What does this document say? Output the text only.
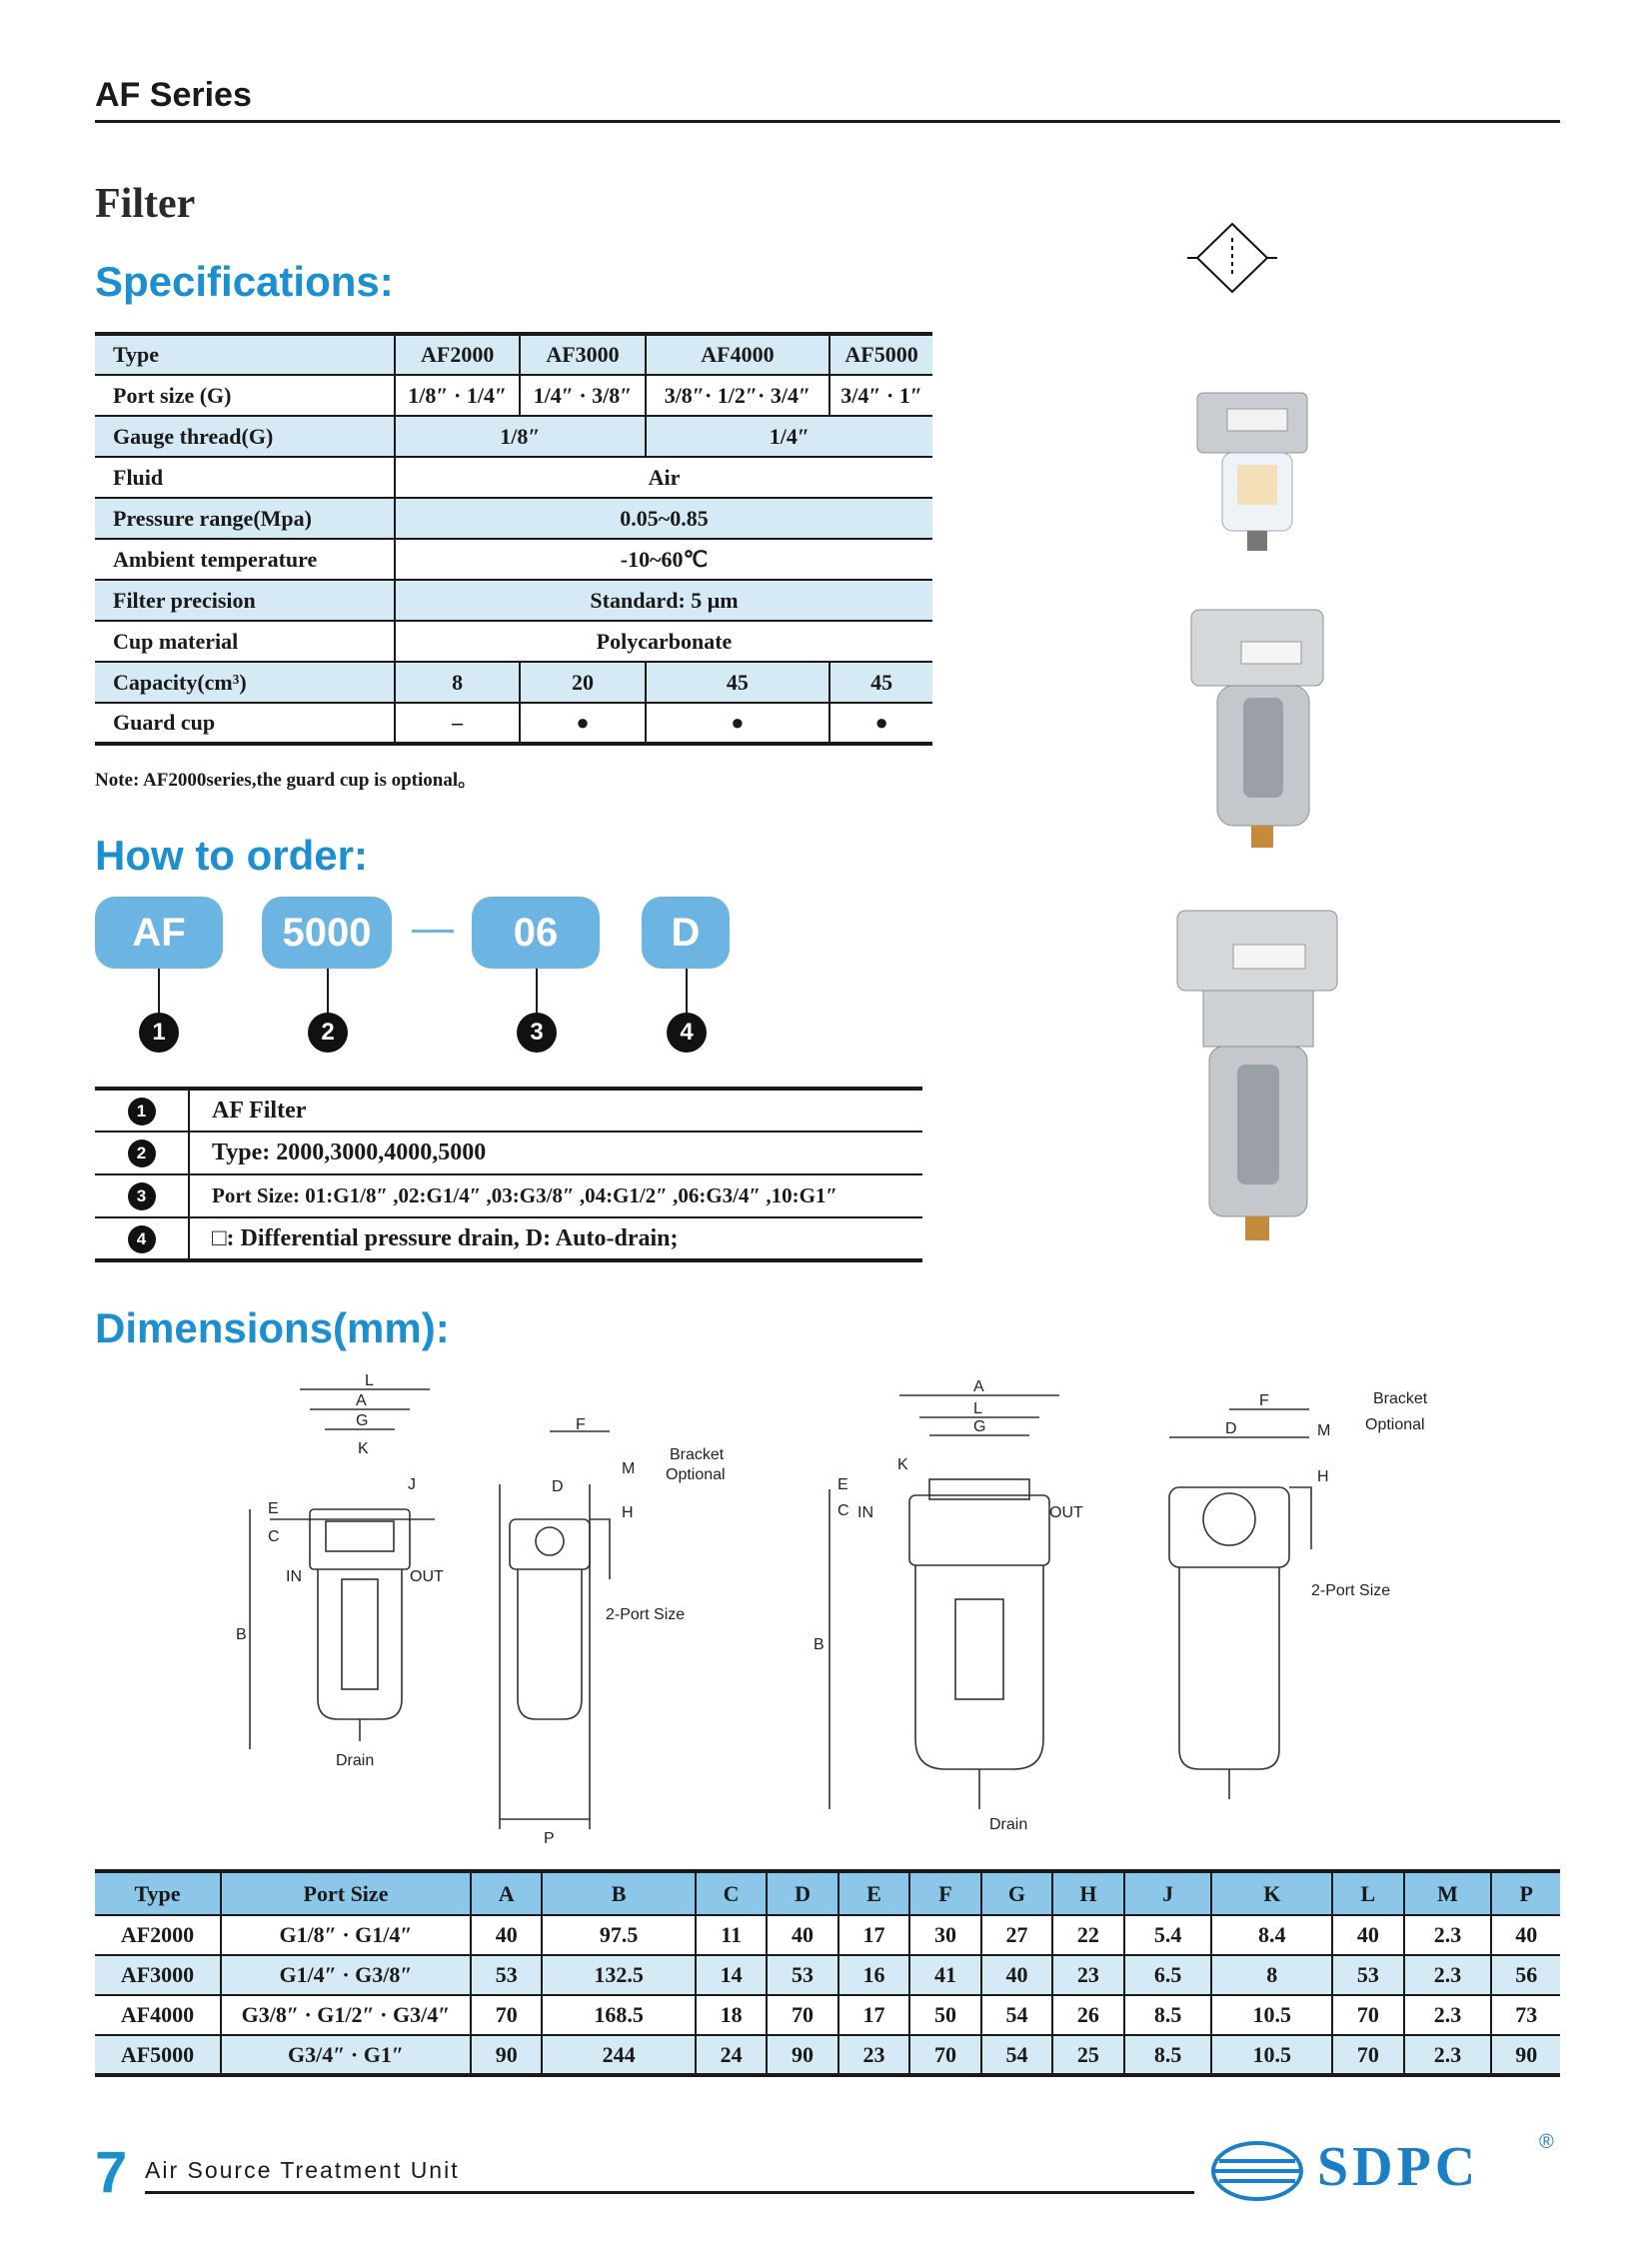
AF Series
Filter
Specifications:
Type	AF2000	AF3000	AF4000	AF5000
Port size (G)	1/8″ · 1/4″	1/4″ · 3/8″	3/8″· 1/2″· 3/4″	3/4″ · 1″
Gauge thread(G)	1/8″		1/4″	
Fluid	Air			
Pressure range(Mpa)	0.05~0.85			
Ambient temperature	-10~60℃			
Filter precision	Standard: 5 μm			
Cup material	Polycarbonate			
Capacity(cm³)	8	20	45	45
Guard cup	–	●	●	●
Note: AF2000series,the guard cup is optional。
How to order:
AF	5000	06	D
1	2	3	4
1	AF Filter
2	Type: 2000,3000,4000,5000
3	Port Size: 01:G1/8″ ,02:G1/4″ ,03:G3/8″ ,04:G1/2″ ,06:G3/4″ ,10:G1″
4	□: Differential pressure drain, D: Auto-drain;
Dimensions(mm):
L
A
G
K
J
E
C
IN	OUT
B
Drain
F
D
M
H
Bracket
Optional
2-Port Size
P
A
L
G
K
E
C IN	OUT
B
Drain
F
D	M
H
Bracket
Optional
2-Port Size
Type	Port Size	A	B	C	D	E	F	G	H	J	K	L	M	P
AF2000	G1/8″ · G1/4″	40	97.5	11	40	17	30	27	22	5.4	8.4	40	2.3	40
AF3000	G1/4″ · G3/8″	53	132.5	14	53	16	41	40	23	6.5	8	53	2.3	56
AF4000	G3/8″ · G1/2″ · G3/4″	70	168.5	18	70	17	50	54	26	8.5	10.5	70	2.3	73
AF5000	G3/4″ · G1″	90	244	24	90	23	70	54	25	8.5	10.5	70	2.3	90
7 Air Source Treatment Unit	SDPC	®
